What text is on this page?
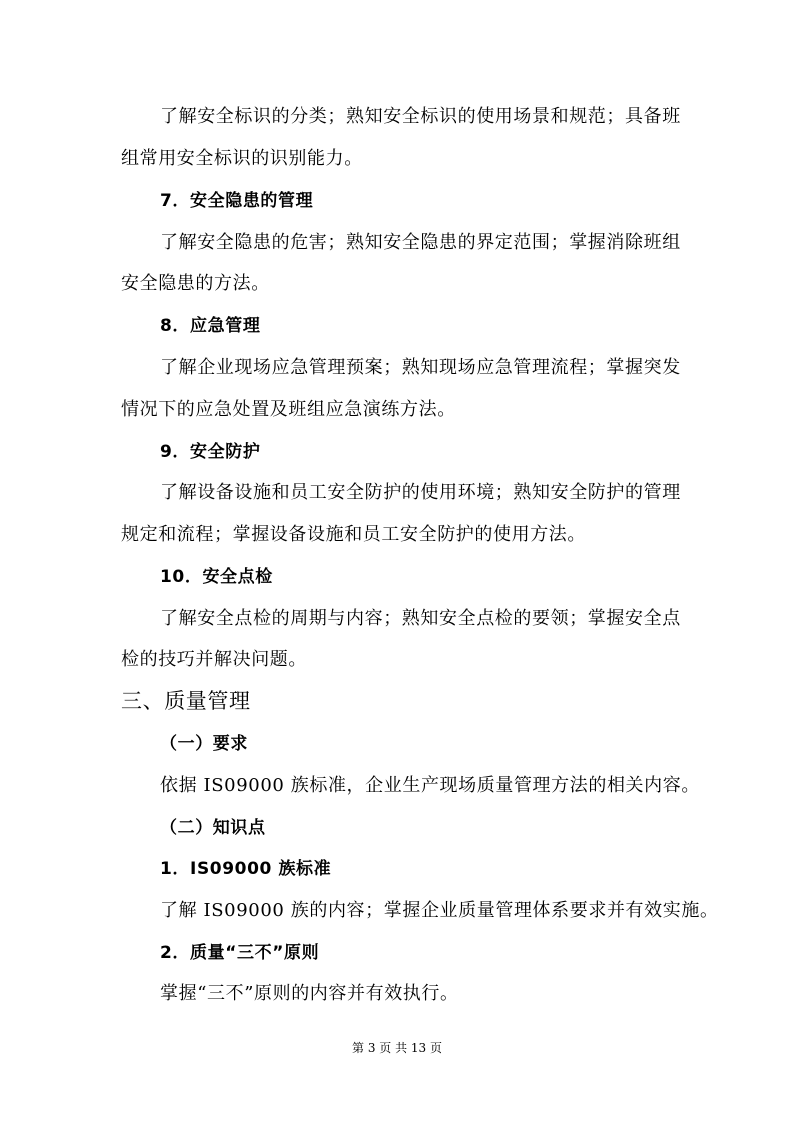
了解安全标识的分类；熟知安全标识的使用场景和规范；具备班
组常用安全标识的识别能力。
7．安全隐患的管理
了解安全隐患的危害；熟知安全隐患的界定范围；掌握消除班组
安全隐患的方法。
8．应急管理
了解企业现场应急管理预案；熟知现场应急管理流程；掌握突发
情况下的应急处置及班组应急演练方法。
9．安全防护
了解设备设施和员工安全防护的使用环境；熟知安全防护的管理
规定和流程；掌握设备设施和员工安全防护的使用方法。
10．安全点检
了解安全点检的周期与内容；熟知安全点检的要领；掌握安全点
检的技巧并解决问题。
三、质量管理
（一）要求
依据 IS09000 族标准，企业生产现场质量管理方法的相关内容。
（二）知识点
1．IS09000 族标准
了解 IS09000 族的内容；掌握企业质量管理体系要求并有效实施。
2．质量“三不”原则
掌握“三不”原则的内容并有效执行。
第 3 页 共 13 页
